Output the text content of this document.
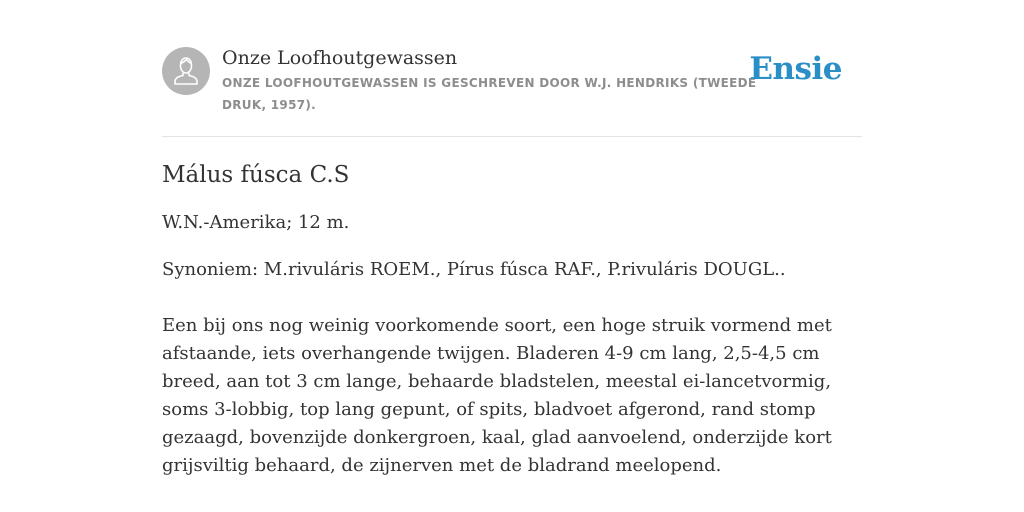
Onze Loofhoutgewassen
ONZE LOOFHOUTGEWASSEN IS GESCHREVEN DOOR W.J. HENDRIKS (TWEEDE DRUK, 1957).
Ensie
Málus fúsca C.S

W.N.-Amerika; 12 m.

Synoniem: M.rivuláris ROEM., Pírus fúsca RAF., P.rivuláris DOUGL..

Een bij ons nog weinig voorkomende soort, een hoge struik vormend met afstaande, iets overhangende twijgen. Bladeren 4-9 cm lang, 2,5-4,5 cm breed, aan tot 3 cm lange, behaarde bladstelen, meestal ei-lancetvormig, soms 3-lobbig, top lang gepunt, of spits, bladvoet afgerond, rand stomp gezaagd, bovenzijde donkergroen, kaal, glad aanvoelend, onderzijde kort grijsviltig behaard, de zijnerven met de bladrand meelopend.
